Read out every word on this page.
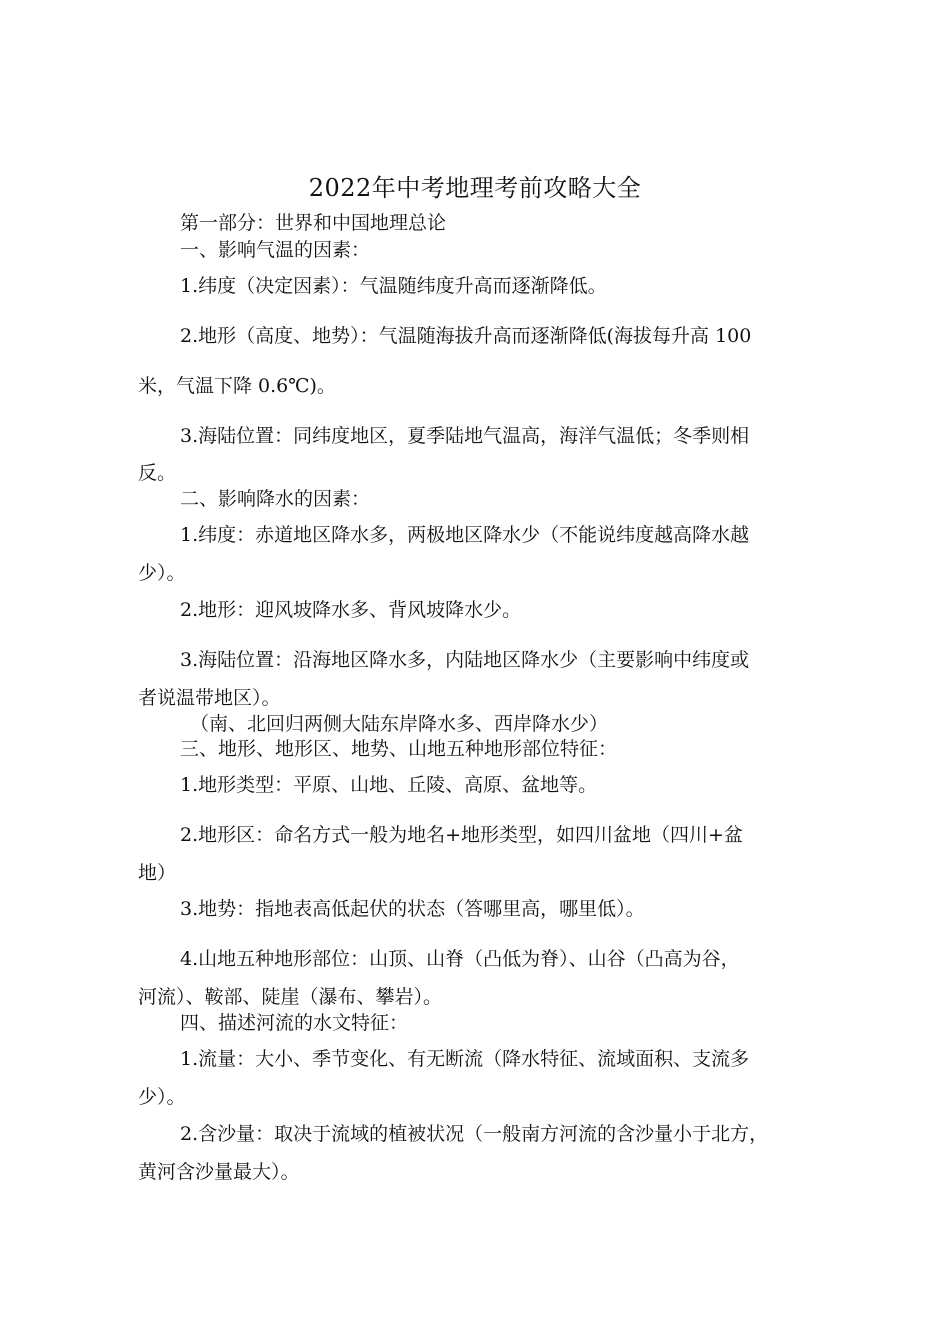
2022年中考地理考前攻略大全
第一部分：世界和中国地理总论
一、影响气温的因素：
1.纬度（决定因素）：气温随纬度升高而逐渐降低。
2.地形（高度、地势）：气温随海拔升高而逐渐降低(海拔每升高 100
米，气温下降 0.6℃)。
3.海陆位置：同纬度地区，夏季陆地气温高，海洋气温低；冬季则相
反。
二、影响降水的因素：
1.纬度：赤道地区降水多，两极地区降水少（不能说纬度越高降水越
少）。
2.地形：迎风坡降水多、背风坡降水少。
3.海陆位置：沿海地区降水多，内陆地区降水少（主要影响中纬度或
者说温带地区）。
（南、北回归两侧大陆东岸降水多、西岸降水少）
三、地形、地形区、地势、山地五种地形部位特征：
1.地形类型：平原、山地、丘陵、高原、盆地等。
2.地形区：命名方式一般为地名+地形类型，如四川盆地（四川+盆
地）
3.地势：指地表高低起伏的状态（答哪里高，哪里低）。
4.山地五种地形部位：山顶、山脊（凸低为脊）、山谷（凸高为谷，
河流）、鞍部、陡崖（瀑布、攀岩）。
四、描述河流的水文特征：
1.流量：大小、季节变化、有无断流（降水特征、流域面积、支流多
少）。
2.含沙量：取决于流域的植被状况（一般南方河流的含沙量小于北方，
黄河含沙量最大）。
